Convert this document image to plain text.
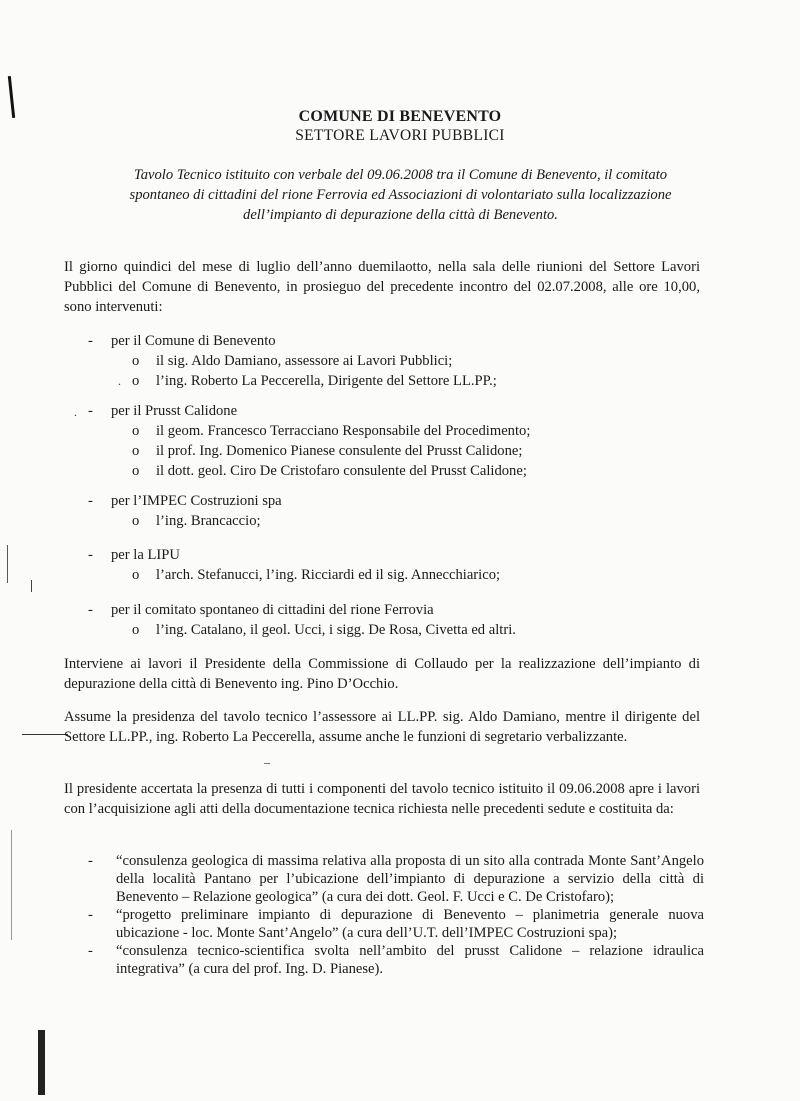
COMUNE DI BENEVENTO
SETTORE LAVORI PUBBLICI
Tavolo Tecnico istituito con verbale del 09.06.2008 tra il Comune di Benevento, il comitato
spontaneo di cittadini del rione Ferrovia ed Associazioni di volontariato sulla localizzazione
dell’impianto di depurazione della città di Benevento.
Il giorno quindici del mese di luglio dell’anno duemilaotto, nella sala delle riunioni del Settore Lavori Pubblici del Comune di Benevento, in prosieguo del precedente incontro del 02.07.2008, alle ore 10,00, sono intervenuti:
- per il Comune di Benevento
o il sig. Aldo Damiano, assessore ai Lavori Pubblici;
o l’ing. Roberto La Peccerella, Dirigente del Settore LL.PP.;
.
- per il Prusst Calidone
o il geom. Francesco Terracciano Responsabile del Procedimento;
o il prof. Ing. Domenico Pianese consulente del Prusst Calidone;
o il dott. geol. Ciro De Cristofaro consulente del Prusst Calidone;
.
- per l’IMPEC Costruzioni spa
o l’ing. Brancaccio;
- per la LIPU
o l’arch. Stefanucci, l’ing. Ricciardi ed il sig. Annecchiarico;
- per il comitato spontaneo di cittadini del rione Ferrovia
o l’ing. Catalano, il geol. Ucci, i sigg. De Rosa, Civetta ed altri.
Interviene ai lavori il Presidente della Commissione di Collaudo per la realizzazione dell’impianto di depurazione della città di Benevento ing. Pino D’Occhio.
Assume la presidenza del tavolo tecnico l’assessore ai LL.PP. sig. Aldo Damiano, mentre il dirigente del Settore LL.PP., ing. Roberto La Peccerella, assume anche le funzioni di segretario verbalizzante.
Il presidente accertata la presenza di tutti i componenti del tavolo tecnico istituito il 09.06.2008 apre i lavori con l’acquisizione agli atti della documentazione tecnica richiesta nelle precedenti sedute e costituita da:
- “consulenza geologica di massima relativa alla proposta di un sito alla contrada Monte Sant’Angelo della località Pantano per l’ubicazione dell’impianto di depurazione a servizio della città di Benevento – Relazione geologica” (a cura dei dott. Geol. F. Ucci e C. De Cristofaro);
- “progetto preliminare impianto di depurazione di Benevento – planimetria generale nuova ubicazione - loc. Monte Sant’Angelo” (a cura dell’U.T. dell’IMPEC Costruzioni spa);
- “consulenza tecnico-scientifica svolta nell’ambito del prusst Calidone – relazione idraulica integrativa” (a cura del prof. Ing. D. Pianese).
